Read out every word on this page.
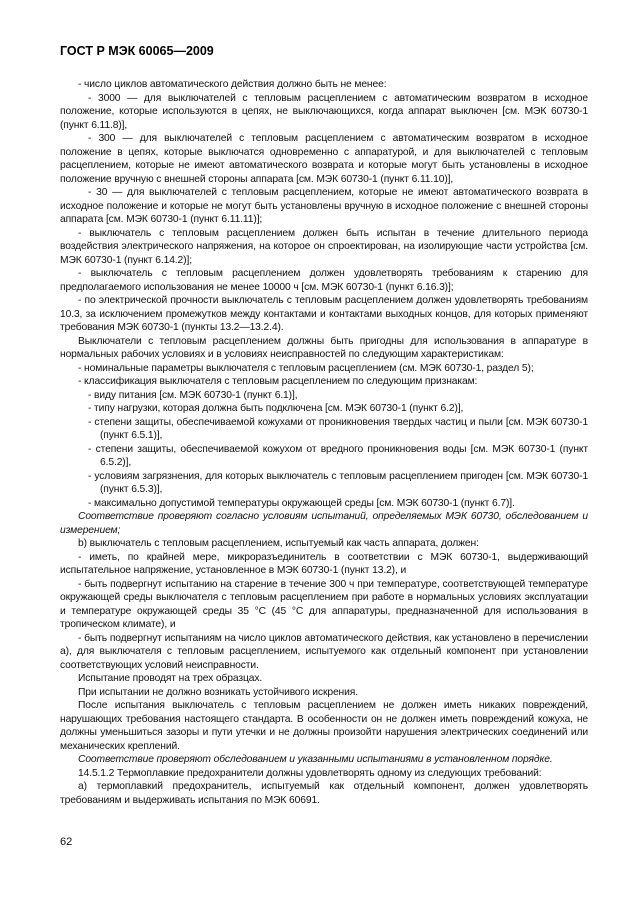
ГОСТ Р МЭК 60065—2009

- число циклов автоматического действия должно быть не менее:

- 3000 — для выключателей с тепловым расцеплением с автоматическим возвратом в исходное положение, которые используются в цепях, не выключающихся, когда аппарат выключен [см. МЭК 60730-1 (пункт 6.11.8)],

- 300 — для выключателей с тепловым расцеплением с автоматическим возвратом в исходное положение в цепях, которые выключатся одновременно с аппаратурой, и для выключателей с тепловым расцеплением, которые не имеют автоматического возврата и которые могут быть установлены в исходное положение вручную с внешней стороны аппарата [см. МЭК 60730-1 (пункт 6.11.10)],

- 30 — для выключателей с тепловым расцеплением, которые не имеют автоматического возврата в исходное положение и которые не могут быть установлены вручную в исходное положение с внешней стороны аппарата [см. МЭК 60730-1 (пункт 6.11.11)];

- выключатель с тепловым расцеплением должен быть испытан в течение длительного периода воздействия электрического напряжения, на которое он спроектирован, на изолирующие части устройства [см. МЭК 60730-1 (пункт 6.14.2)];

- выключатель с тепловым расцеплением должен удовлетворять требованиям к старению для предполагаемого использования не менее 10000 ч [см. МЭК 60730-1 (пункт 6.16.3)];

- по электрической прочности выключатель с тепловым расцеплением должен удовлетворять требованиям 10.3, за исключением промежутков между контактами и контактами выходных концов, для которых применяют требования МЭК 60730-1 (пункты 13.2—13.2.4).

Выключатели с тепловым расцеплением должны быть пригодны для использования в аппаратуре в нормальных рабочих условиях и в условиях неисправностей по следующим характеристикам:

- номинальные параметры выключателя с тепловым расцеплением (см. МЭК 60730-1, раздел 5);

- классификация выключателя с тепловым расцеплением по следующим признакам:

- виду питания [см. МЭК 60730-1 (пункт 6.1)],

- типу нагрузки, которая должна быть подключена [см. МЭК 60730-1 (пункт 6.2)],

- степени защиты, обеспечиваемой кожухами от проникновения твердых частиц и пыли [см. МЭК 60730-1 (пункт 6.5.1)],

- степени защиты, обеспечиваемой кожухом от вредного проникновения воды [см. МЭК 60730-1 (пункт 6.5.2)],

- условиям загрязнения, для которых выключатель с тепловым расцеплением пригоден [см. МЭК 60730-1 (пункт 6.5.3)],

- максимально допустимой температуры окружающей среды [см. МЭК 60730-1 (пункт 6.7)].

Соответствие проверяют согласно условиям испытаний, определяемых МЭК 60730, обследованием и измерением;

b) выключатель с тепловым расцеплением, испытуемый как часть аппарата, должен:

- иметь, по крайней мере, микроразъединитель в соответствии с МЭК 60730-1, выдерживающий испытательное напряжение, установленное в МЭК 60730-1 (пункт 13.2), и

- быть подвергнут испытанию на старение в течение 300 ч при температуре, соответствующей температуре окружающей среды выключателя с тепловым расцеплением при работе в нормальных условиях эксплуатации и температуре окружающей среды 35 °С (45 °С для аппаратуры, предназначенной для использования в тропическом климате), и

- быть подвергнут испытаниям на число циклов автоматического действия, как установлено в перечислении а), для выключателя с тепловым расцеплением, испытуемого как отдельный компонент при установлении соответствующих условий неисправности.

Испытание проводят на трех образцах.

При испытании не должно возникать устойчивого искрения.

После испытания выключатель с тепловым расцеплением не должен иметь никаких повреждений, нарушающих требования настоящего стандарта. В особенности он не должен иметь повреждений кожуха, не должны уменьшиться зазоры и пути утечки и не должны произойти нарушения электрических соединений или механических креплений.

Соответствие проверяют обследованием и указанными испытаниями в установленном порядке.

14.5.1.2 Термоплавкие предохранители должны удовлетворять одному из следующих требований:

а) термоплавкий предохранитель, испытуемый как отдельный компонент, должен удовлетворять требованиям и выдерживать испытания по МЭК 60691.

62
